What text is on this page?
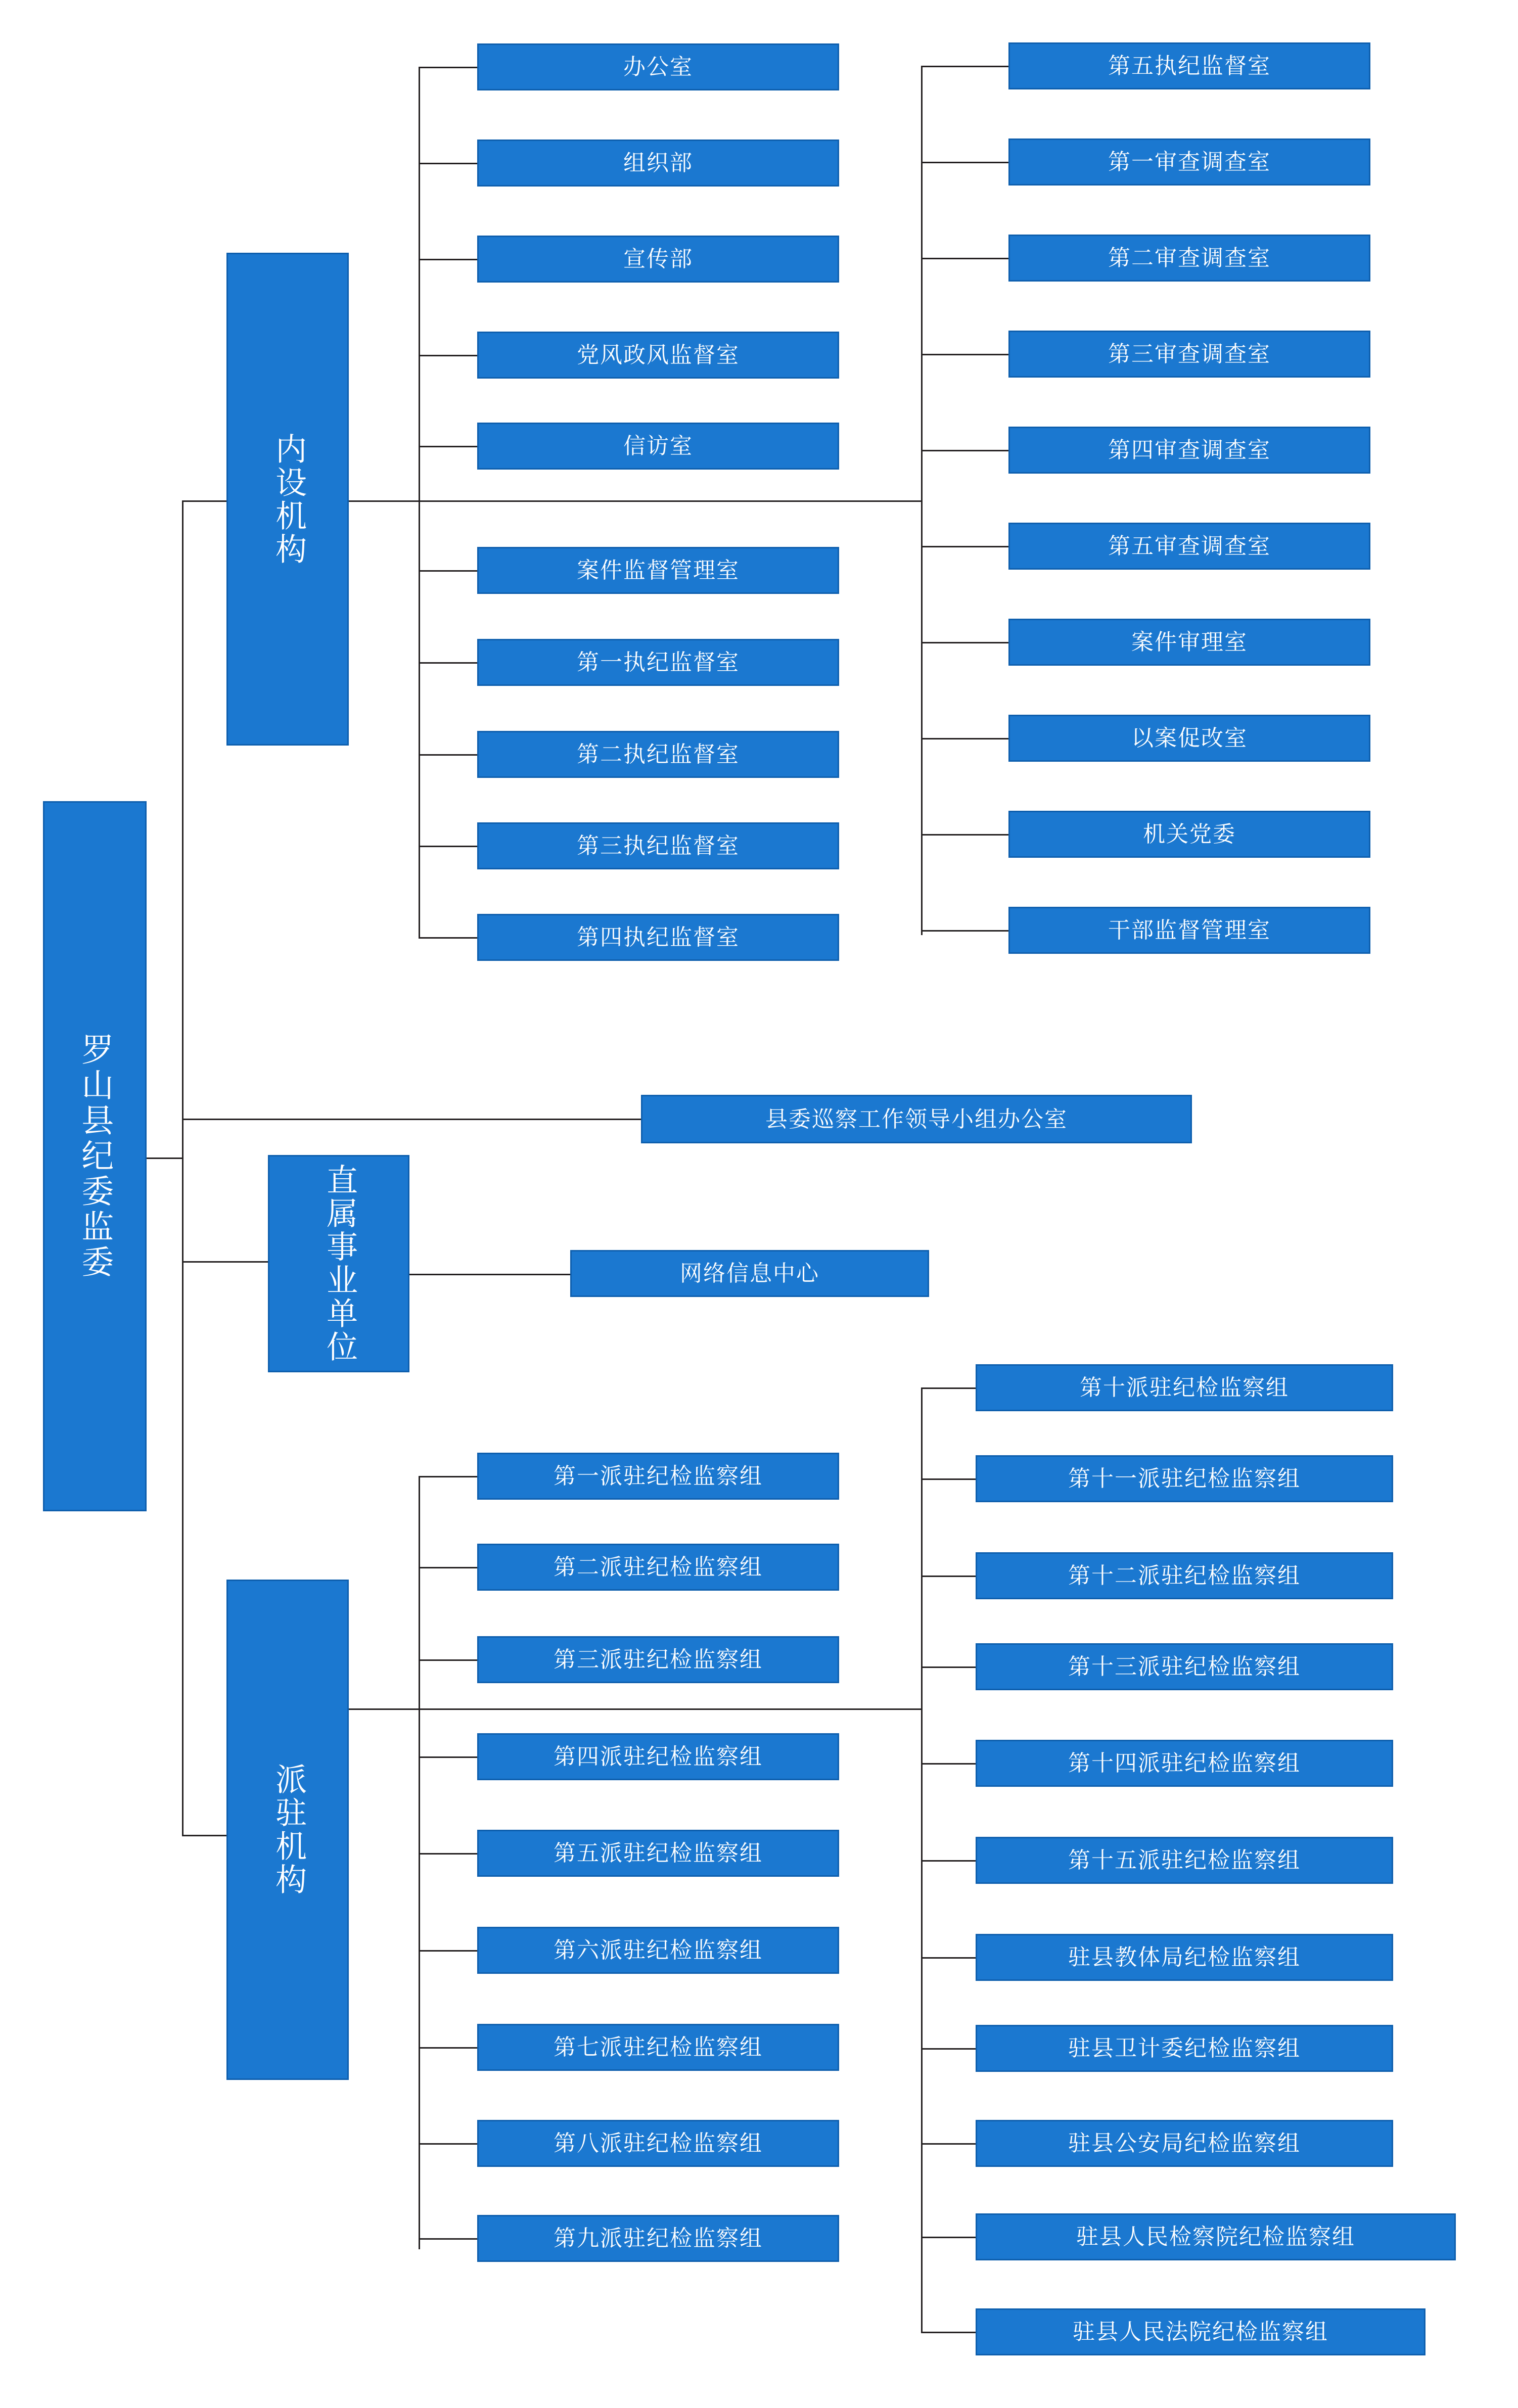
罗山县纪委监委
内设机构
直属事业单位
派驻机构
办公室
组织部
宣传部
党风政风监督室
信访室
案件监督管理室
第一执纪监督室
第二执纪监督室
第三执纪监督室
第四执纪监督室
第五执纪监督室
第一审查调查室
第二审查调查室
第三审查调查室
第四审查调查室
第五审查调查室
案件审理室
以案促改室
机关党委
干部监督管理室
县委巡察工作领导小组办公室
网络信息中心
第一派驻纪检监察组
第二派驻纪检监察组
第三派驻纪检监察组
第四派驻纪检监察组
第五派驻纪检监察组
第六派驻纪检监察组
第七派驻纪检监察组
第八派驻纪检监察组
第九派驻纪检监察组
第十派驻纪检监察组
第十一派驻纪检监察组
第十二派驻纪检监察组
第十三派驻纪检监察组
第十四派驻纪检监察组
第十五派驻纪检监察组
驻县教体局纪检监察组
驻县卫计委纪检监察组
驻县公安局纪检监察组
驻县人民检察院纪检监察组
驻县人民法院纪检监察组
